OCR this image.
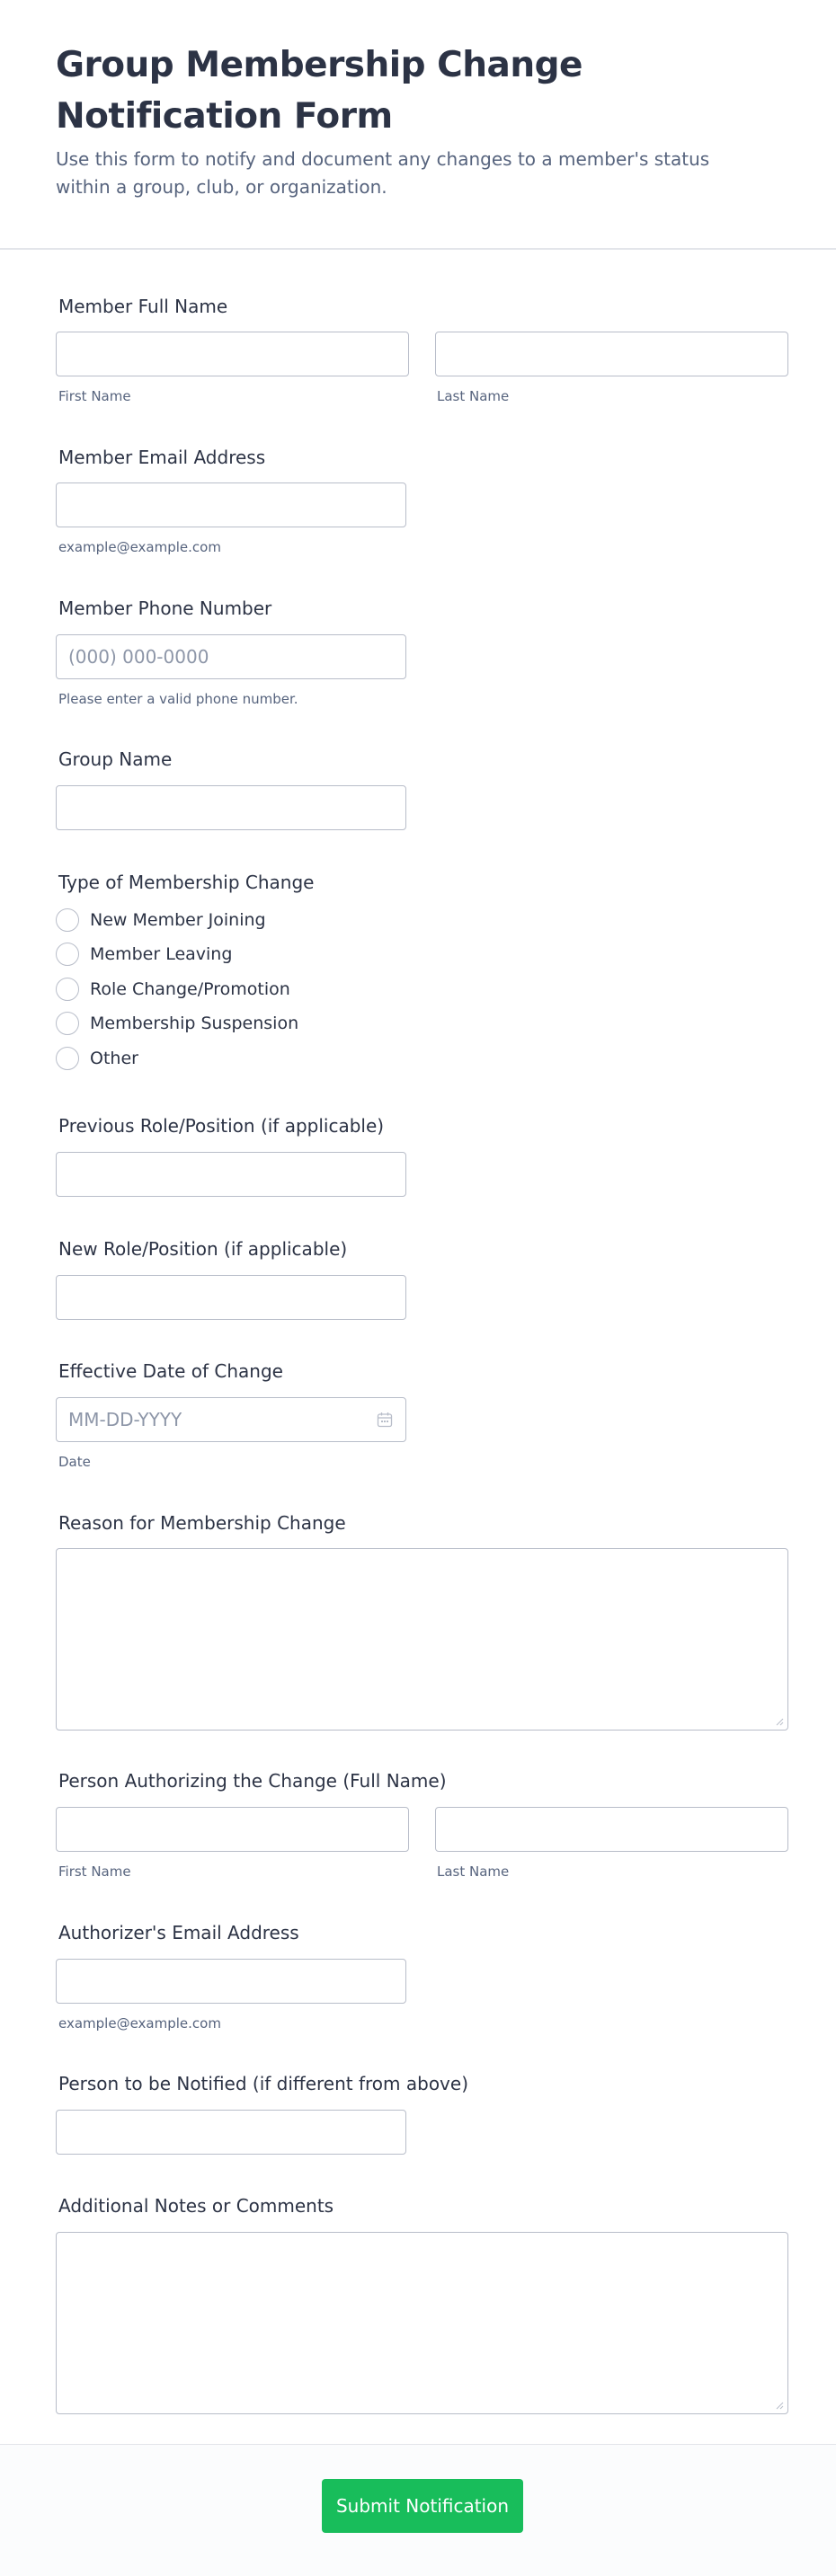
Group Membership Change Notification Form

Use this form to notify and document any changes to a member's status within a group, club, or organization.

Member Full Name
First Name	Last Name
Member Email Address
example@example.com
Member Phone Number
(000) 000-0000
Please enter a valid phone number.
Group Name
Type of Membership Change
New Member Joining
Member Leaving
Role Change/Promotion
Membership Suspension
Other
Previous Role/Position (if applicable)
New Role/Position (if applicable)
Effective Date of Change
MM-DD-YYYY
Date
Reason for Membership Change
Person Authorizing the Change (Full Name)
First Name	Last Name
Authorizer's Email Address
example@example.com
Person to be Notified (if different from above)
Additional Notes or Comments
Submit Notification
